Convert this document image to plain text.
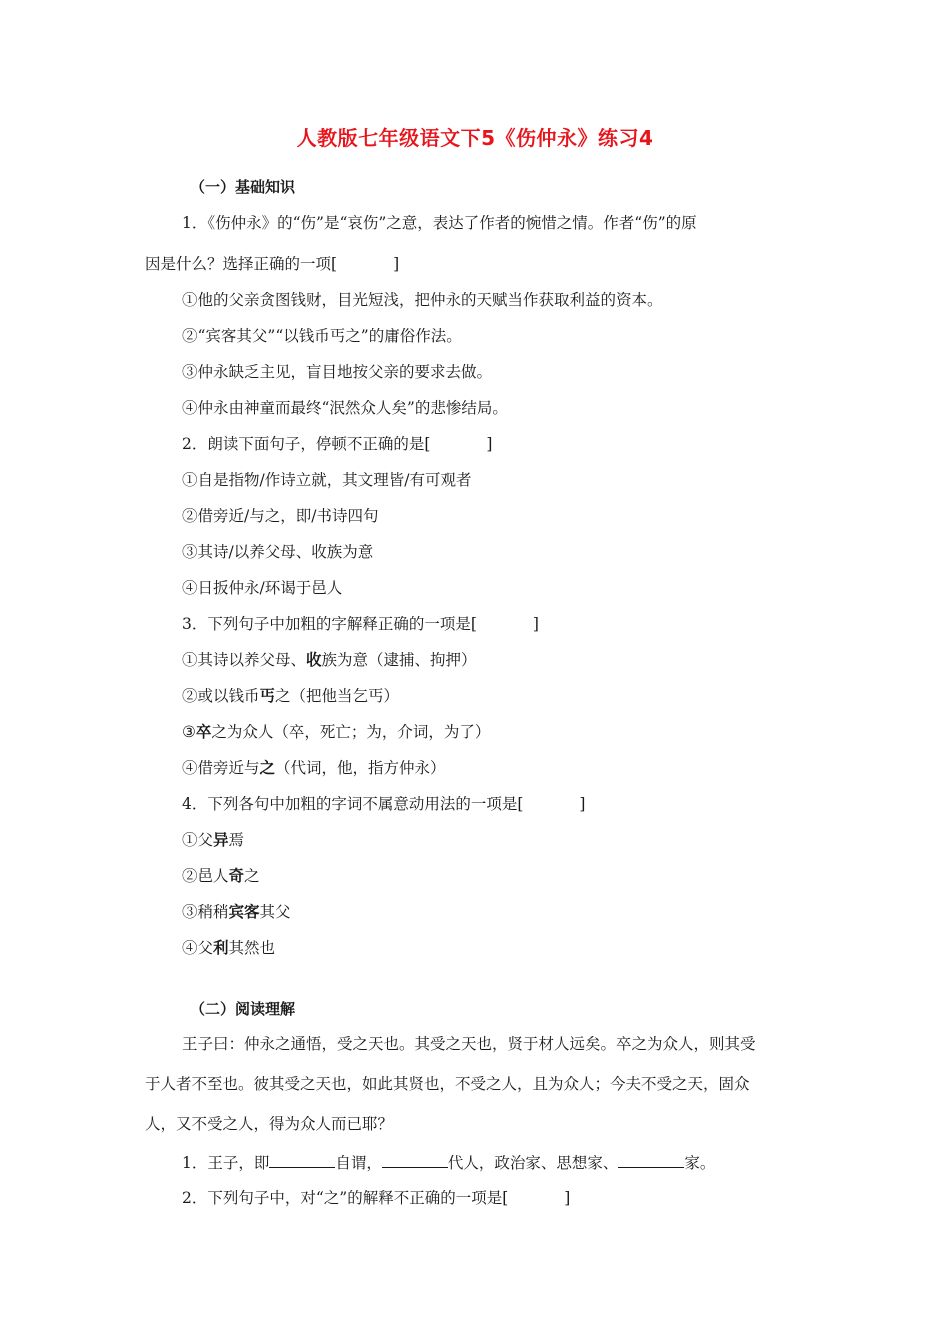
人教版七年级语文下5《伤仲永》练习4
（一）基础知识
1．《伤仲永》的“伤”是“哀伤”之意，表达了作者的惋惜之情。作者“伤”的原
因是什么？选择正确的一项[	]
①他的父亲贪图钱财，目光短浅，把仲永的天赋当作获取利益的资本。
②“宾客其父”“以钱币丐之”的庸俗作法。
③仲永缺乏主见，盲目地按父亲的要求去做。
④仲永由神童而最终“泯然众人矣”的悲惨结局。
2．朗读下面句子，停顿不正确的是[	]
①自是指物/作诗立就，其文理皆/有可观者
②借旁近/与之，即/书诗四句
③其诗/以养父母、收族为意
④日扳仲永/环谒于邑人
3．下列句子中加粗的字解释正确的一项是[	]
①其诗以养父母、收族为意（逮捕、拘押）
②或以钱币丐之（把他当乞丐）
③卒之为众人（卒，死亡；为，介词，为了）
④借旁近与之（代词，他，指方仲永）
4．下列各句中加粗的字词不属意动用法的一项是[	]
①父异焉
②邑人奇之
③稍稍宾客其父
④父利其然也
（二）阅读理解
王子曰：仲永之通悟，受之天也。其受之天也，贤于材人远矣。卒之为众人，则其受
于人者不至也。彼其受之天也，如此其贤也，不受之人，且为众人；今夫不受之天，固众
人，又不受之人，得为众人而已耶？
1．王子，即	自谓，	代人，政治家、思想家、	家。
2．下列句子中，对“之”的解释不正确的一项是[	]
